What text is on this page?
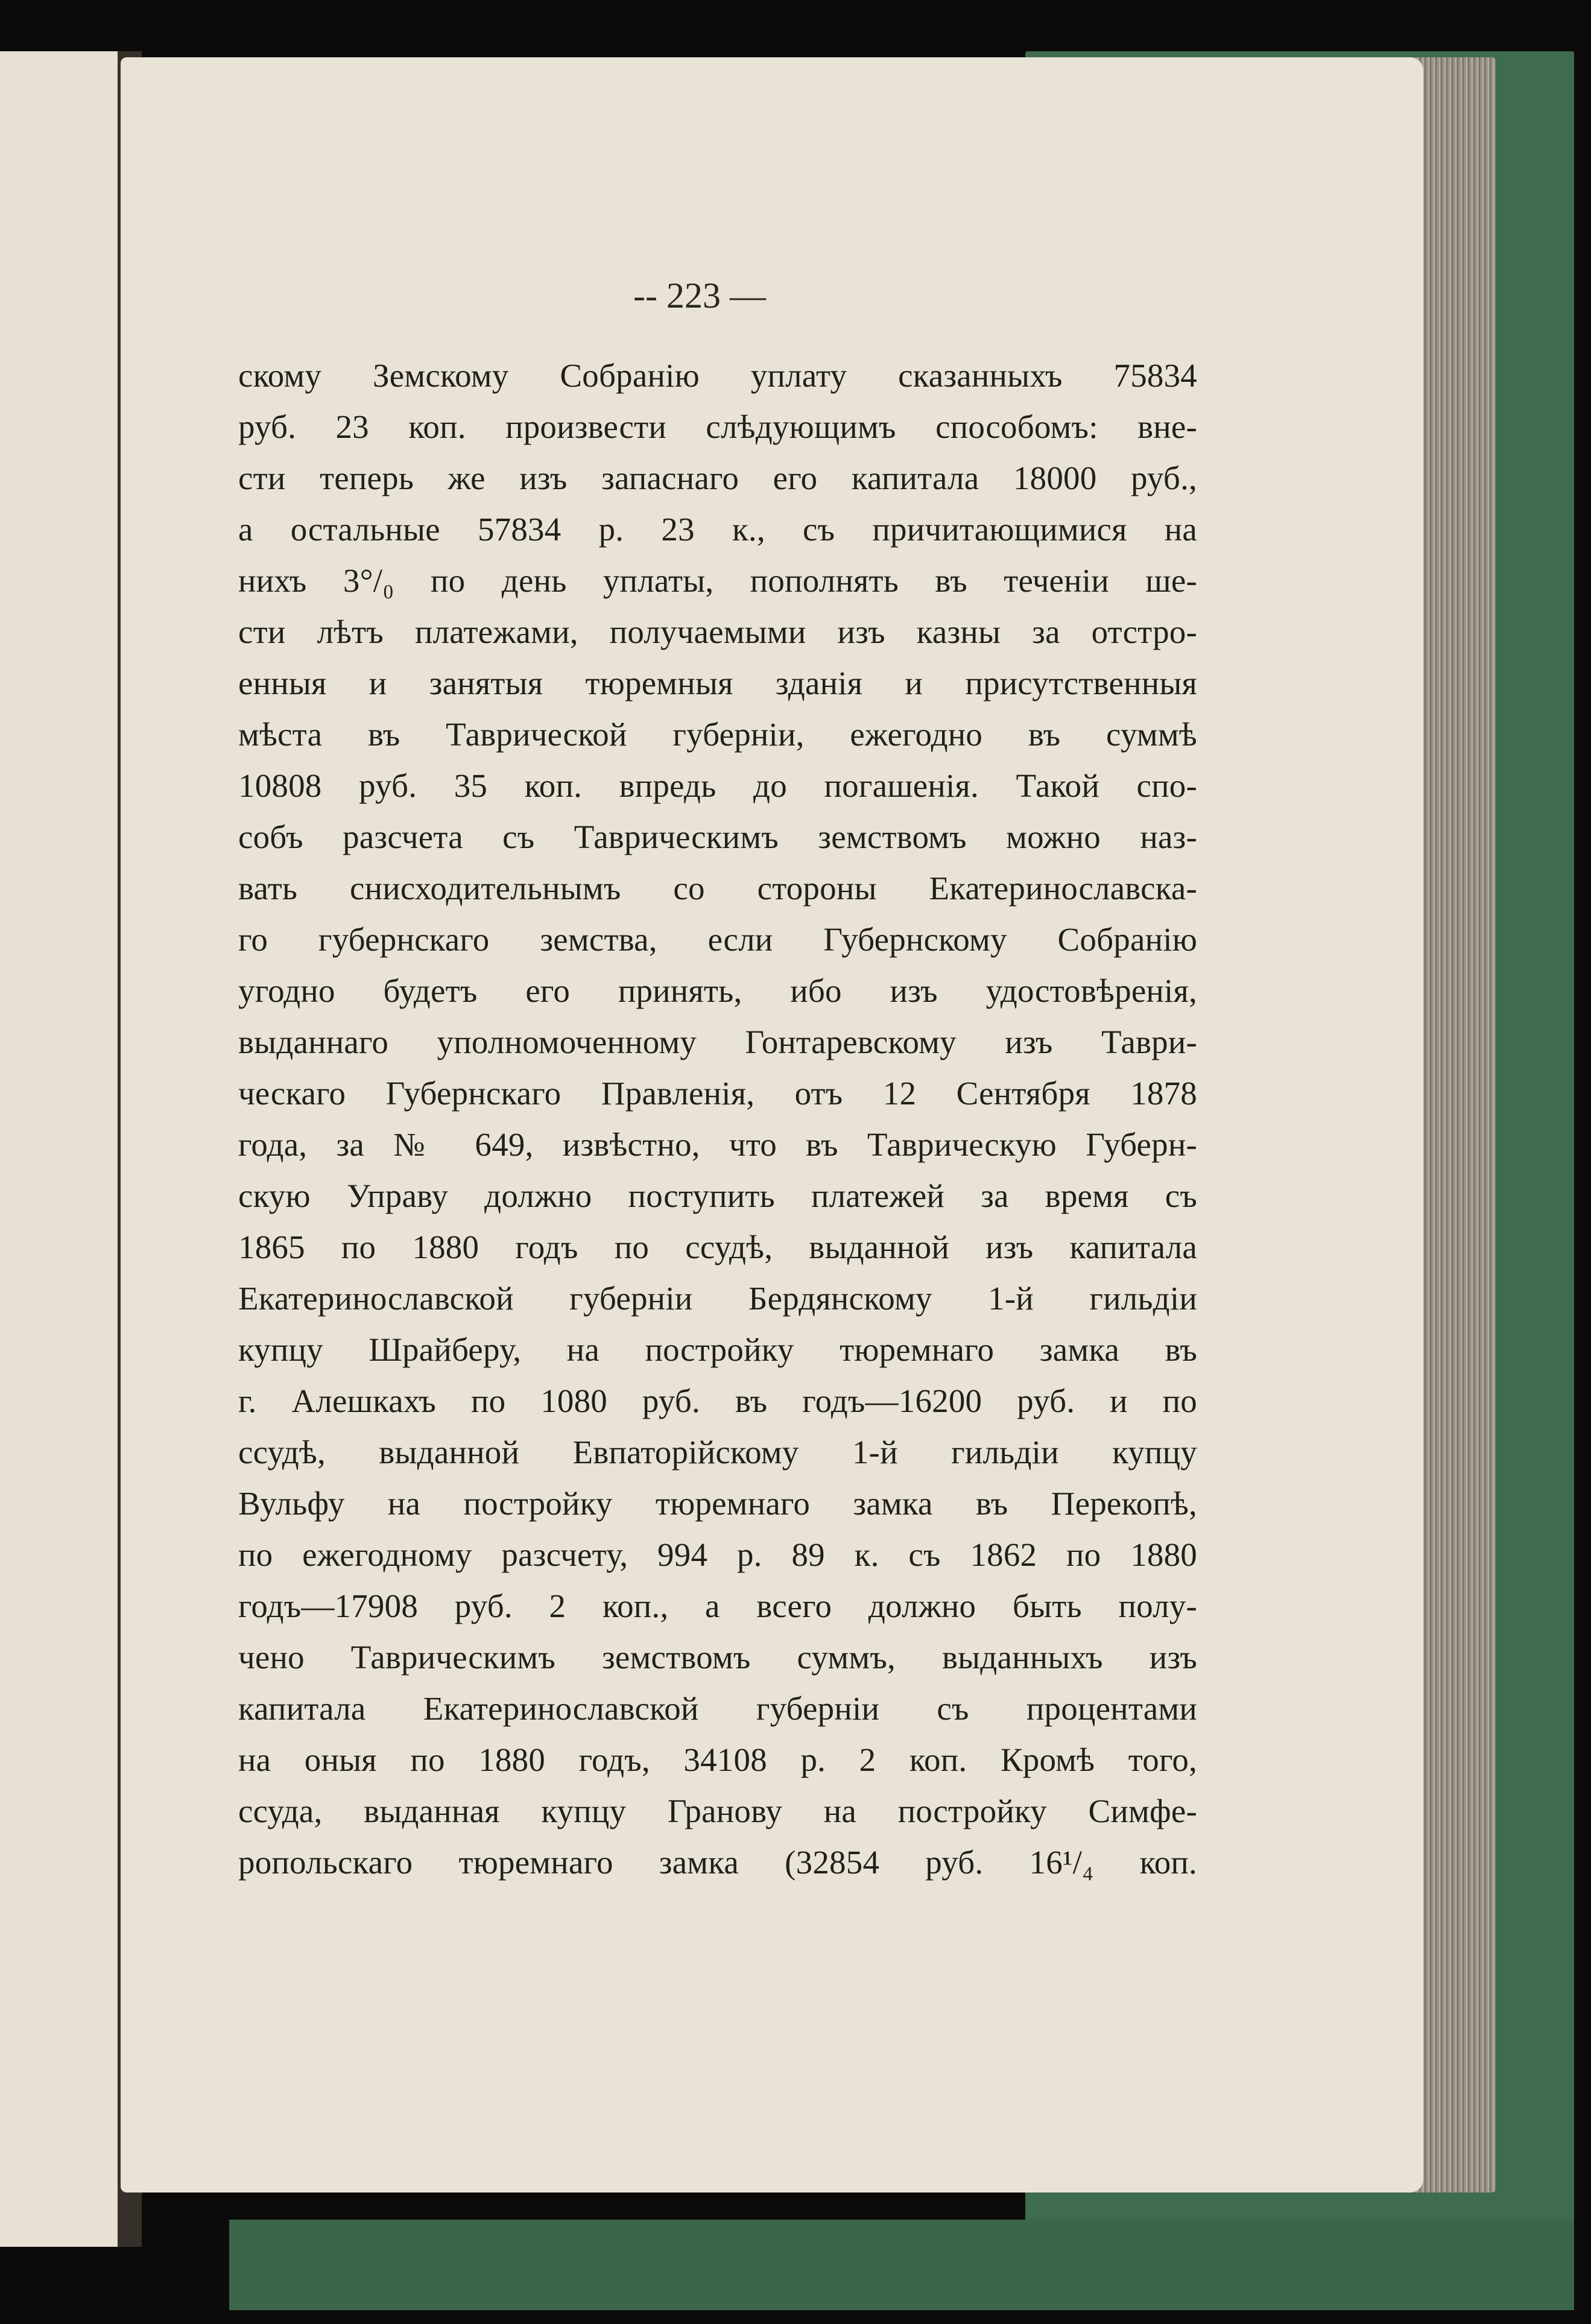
-- 223 —

скому Земскому Собранію уплату сказанныхъ 75834
руб. 23 коп. произвести слѣдующимъ способомъ: вне-
сти теперь же изъ запаснаго его капитала 18000 руб.,
а остальные 57834 р. 23 к., съ причитающимися на
нихъ 3°/₀ по день уплаты, пополнять въ теченіи ше-
сти лѣтъ платежами, получаемыми изъ казны за отстро-
енныя и занятыя тюремныя зданія и присутственныя
мѣста въ Таврической губерніи, ежегодно въ суммѣ
10808 руб. 35 коп. впредь до погашенія. Такой спо-
собъ разсчета съ Таврическимъ земствомъ можно наз-
вать снисходительнымъ со стороны Екатеринославска-
го губернскаго земства, если Губернскому Собранію
угодно будетъ его принять, ибо изъ удостовѣренія,
выданнаго уполномоченному Гонтаревскому изъ Таври-
ческаго Губернскаго Правленія, отъ 12 Сентября 1878
года, за № 649, извѣстно, что въ Таврическую Губерн-
скую Управу должно поступить платежей за время съ
1865 по 1880 годъ по ссудѣ, выданной изъ капитала
Екатеринославской губерніи Бердянскому 1-й гильдіи
купцу Шрайберу, на постройку тюремнаго замка въ
г. Алешкахъ по 1080 руб. въ годъ—16200 руб. и по
ссудѣ, выданной Евпаторійскому 1-й гильдіи купцу
Вульфу на постройку тюремнаго замка въ Перекопѣ,
по ежегодному разсчету, 994 р. 89 к. съ 1862 по 1880
годъ—17908 руб. 2 коп., а всего должно быть полу-
чено Таврическимъ земствомъ суммъ, выданныхъ изъ
капитала Екатеринославской губерніи съ процентами
на оныя по 1880 годъ, 34108 р. 2 коп. Кромѣ того,
ссуда, выданная купцу Гранову на постройку Симфе-
ропольскаго тюремнаго замка (32854 руб. 16¹/₄ коп.
